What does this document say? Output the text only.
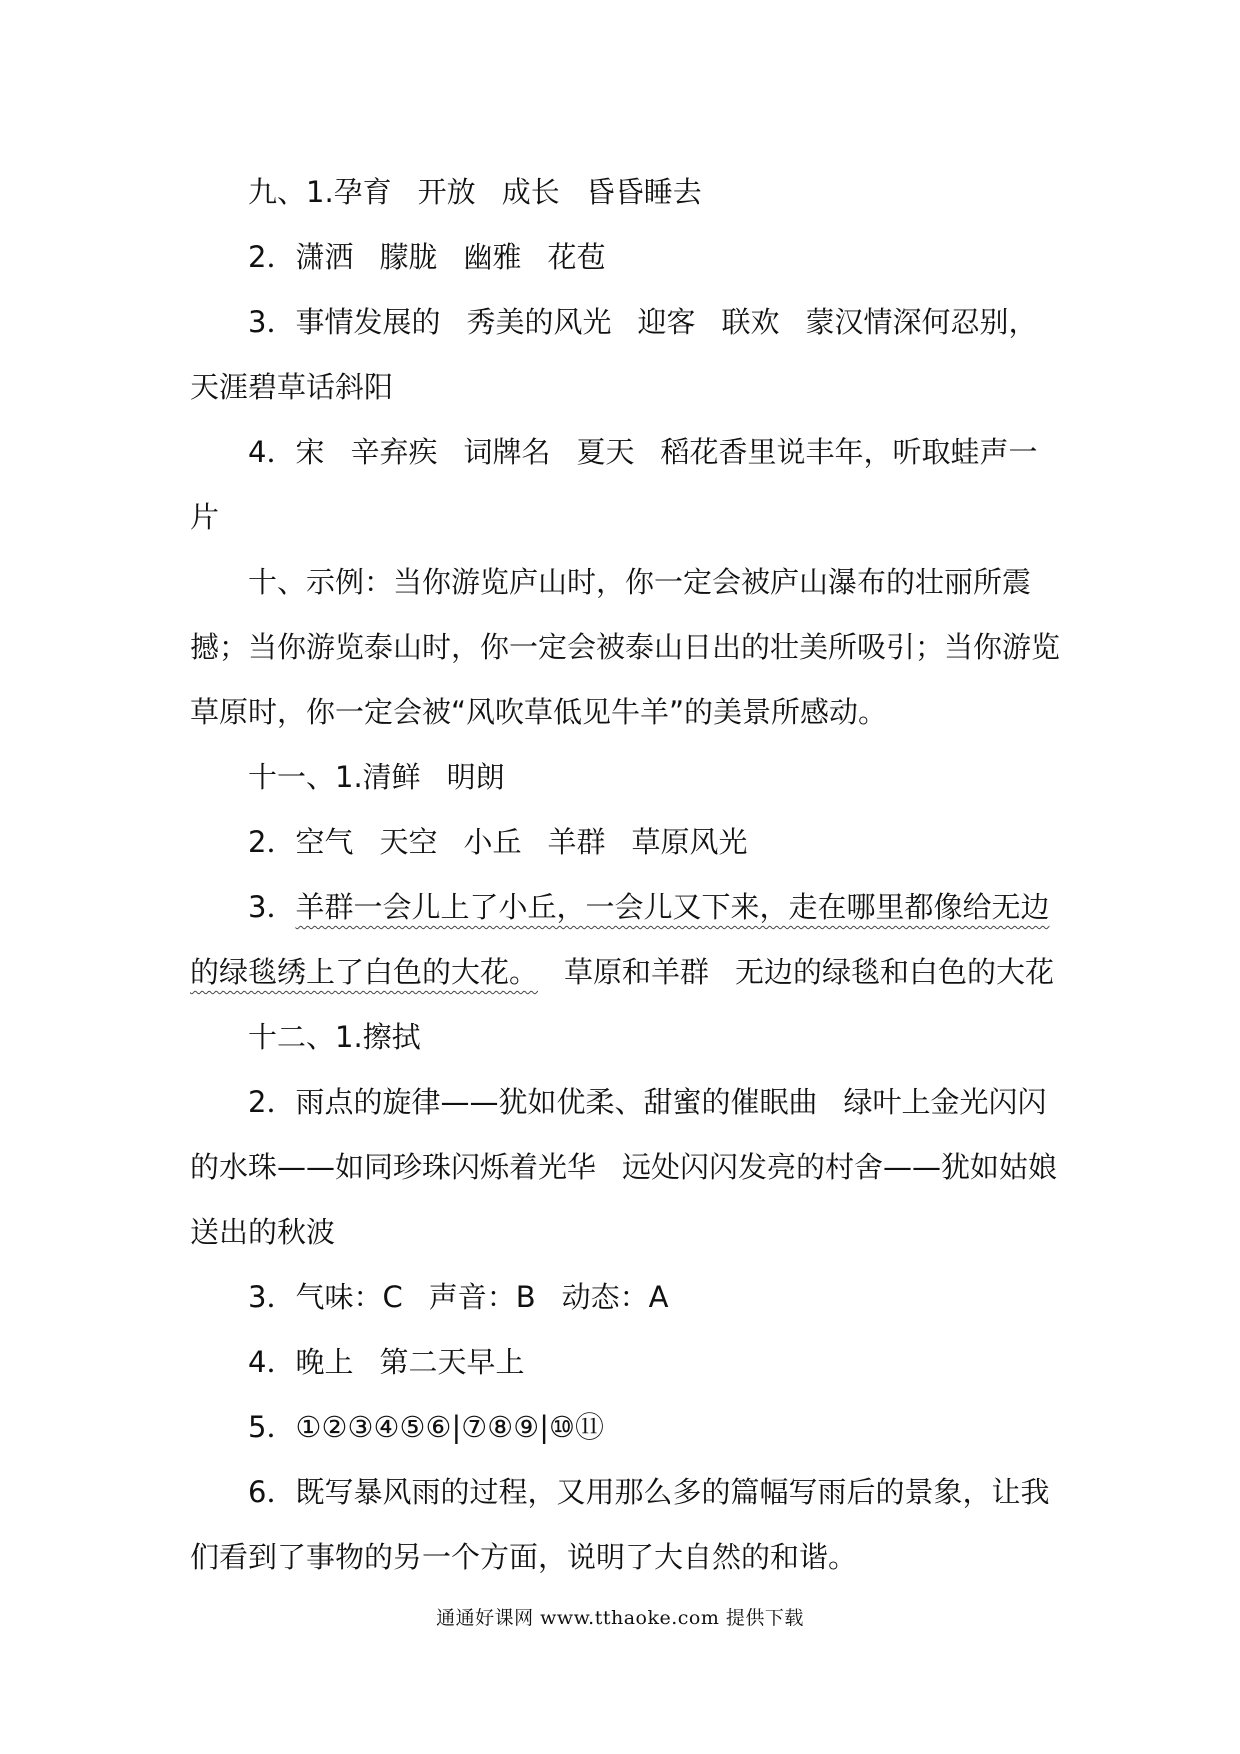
九、1.孕育 开放 成长 昏昏睡去

2．潇洒 朦胧 幽雅 花苞

3．事情发展的 秀美的风光 迎客 联欢 蒙汉情深何忍别，天涯碧草话斜阳

4．宋 辛弃疾 词牌名 夏天 稻花香里说丰年，听取蛙声一片

十、示例：当你游览庐山时，你一定会被庐山瀑布的壮丽所震撼；当你游览泰山时，你一定会被泰山日出的壮美所吸引；当你游览草原时，你一定会被“风吹草低见牛羊”的美景所感动。

十一、1.清鲜 明朗

2．空气 天空 小丘 羊群 草原风光

3．羊群一会儿上了小丘，一会儿又下来，走在哪里都像给无边的绿毯绣上了白色的大花。 草原和羊群 无边的绿毯和白色的大花

十二、1.擦拭

2．雨点的旋律——犹如优柔、甜蜜的催眠曲 绿叶上金光闪闪的水珠——如同珍珠闪烁着光华 远处闪闪发亮的村舍——犹如姑娘送出的秋波

3．气味：C 声音：B 动态：A

4．晚上 第二天早上

5．①②③④⑤⑥|⑦⑧⑨|⑩⑪

6．既写暴风雨的过程，又用那么多的篇幅写雨后的景象，让我们看到了事物的另一个方面，说明了大自然的和谐。

通通好课网 www.tthaoke.com 提供下载
